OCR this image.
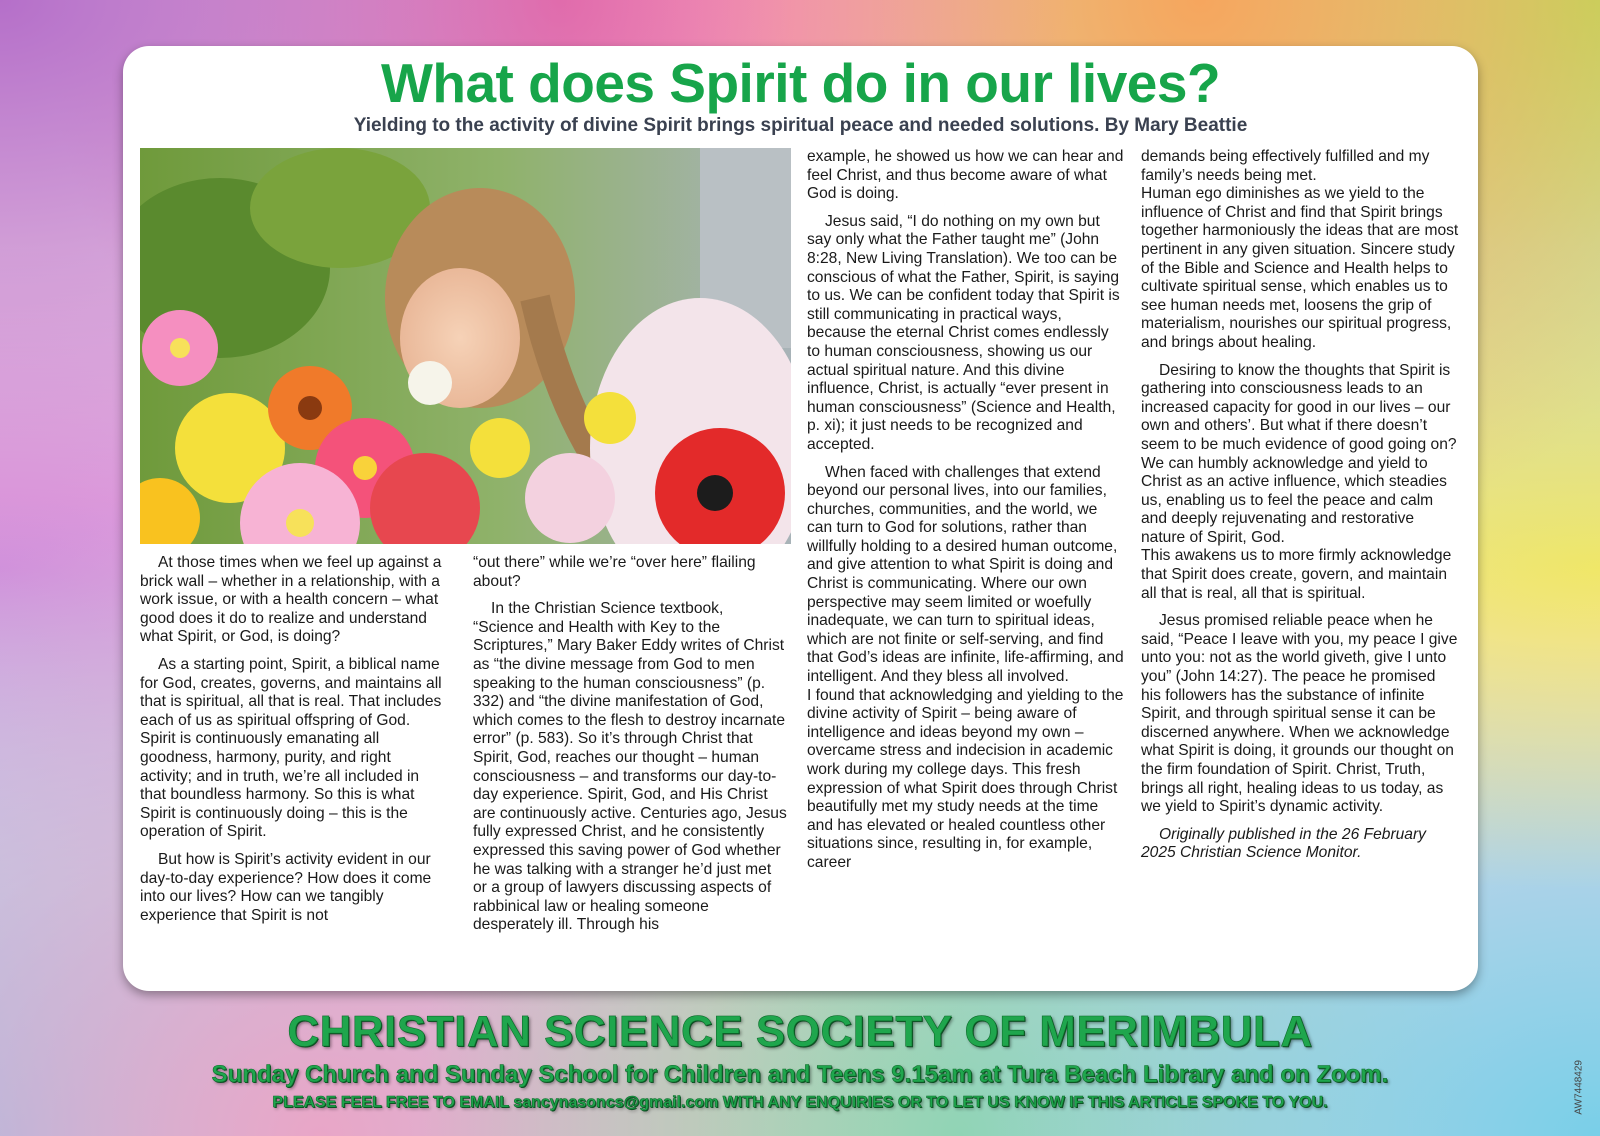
What does Spirit do in our lives?
Yielding to the activity of divine Spirit brings spiritual peace and needed solutions. By Mary Beattie

At those times when we feel up against a brick wall – whether in a relationship, with a work issue, or with a health concern – what good does it do to realize and understand what Spirit, or God, is doing?

As a starting point, Spirit, a biblical name for God, creates, governs, and maintains all that is spiritual, all that is real. That includes each of us as spiritual offspring of God. Spirit is continuously emanating all goodness, harmony, purity, and right activity; and in truth, we’re all included in that boundless harmony. So this is what Spirit is continuously doing – this is the operation of Spirit.

But how is Spirit’s activity evident in our day-to-day experience? How does it come into our lives? How can we tangibly experience that Spirit is not

“out there” while we’re “over here” flailing about?

In the Christian Science textbook, “Science and Health with Key to the Scriptures,” Mary Baker Eddy writes of Christ as “the divine message from God to men speaking to the human consciousness” (p. 332) and “the divine manifestation of God, which comes to the flesh to destroy incarnate error” (p. 583). So it’s through Christ that Spirit, God, reaches our thought – human consciousness – and transforms our day-to-day experience. Spirit, God, and His Christ are continuously active. Centuries ago, Jesus fully expressed Christ, and he consistently expressed this saving power of God whether he was talking with a stranger he’d just met or a group of lawyers discussing aspects of rabbinical law or healing someone desperately ill. Through his

example, he showed us how we can hear and feel Christ, and thus become aware of what God is doing.

Jesus said, “I do nothing on my own but say only what the Father taught me” (John 8:28, New Living Translation). We too can be conscious of what the Father, Spirit, is saying to us. We can be confident today that Spirit is still communicating in practical ways, because the eternal Christ comes endlessly to human consciousness, showing us our actual spiritual nature. And this divine influence, Christ, is actually “ever present in human consciousness” (Science and Health, p. xi); it just needs to be recognized and accepted.

When faced with challenges that extend beyond our personal lives, into our families, churches, communities, and the world, we can turn to God for solutions, rather than willfully holding to a desired human outcome, and give attention to what Spirit is doing and Christ is communicating. Where our own perspective may seem limited or woefully inadequate, we can turn to spiritual ideas, which are not finite or self-serving, and find that God’s ideas are infinite, life-affirming, and intelligent. And they bless all involved.

I found that acknowledging and yielding to the divine activity of Spirit – being aware of intelligence and ideas beyond my own – overcame stress and indecision in academic work during my college days. This fresh expression of what Spirit does through Christ beautifully met my study needs at the time and has elevated or healed countless other situations since, resulting in, for example, career

demands being effectively fulfilled and my family’s needs being met.

Human ego diminishes as we yield to the influence of Christ and find that Spirit brings together harmoniously the ideas that are most pertinent in any given situation. Sincere study of the Bible and Science and Health helps to cultivate spiritual sense, which enables us to see human needs met, loosens the grip of materialism, nourishes our spiritual progress, and brings about healing.

Desiring to know the thoughts that Spirit is gathering into consciousness leads to an increased capacity for good in our lives – our own and others’. But what if there doesn’t seem to be much evidence of good going on? We can humbly acknowledge and yield to Christ as an active influence, which steadies us, enabling us to feel the peace and calm and deeply rejuvenating and restorative nature of Spirit, God.

This awakens us to more firmly acknowledge that Spirit does create, govern, and maintain all that is real, all that is spiritual.

Jesus promised reliable peace when he said, “Peace I leave with you, my peace I give unto you: not as the world giveth, give I unto you” (John 14:27). The peace he promised his followers has the substance of infinite Spirit, and through spiritual sense it can be discerned anywhere. When we acknowledge what Spirit is doing, it grounds our thought on the firm foundation of Spirit. Christ, Truth, brings all right, healing ideas to us today, as we yield to Spirit’s dynamic activity.

Originally published in the 26 February 2025 Christian Science Monitor.

CHRISTIAN SCIENCE SOCIETY OF MERIMBULA
Sunday Church and Sunday School for Children and Teens 9.15am at Tura Beach Library and on Zoom.
PLEASE FEEL FREE TO EMAIL sancynasoncs@gmail.com WITH ANY ENQUIRIES OR TO LET US KNOW IF THIS ARTICLE SPOKE TO YOU.	AW7448429
